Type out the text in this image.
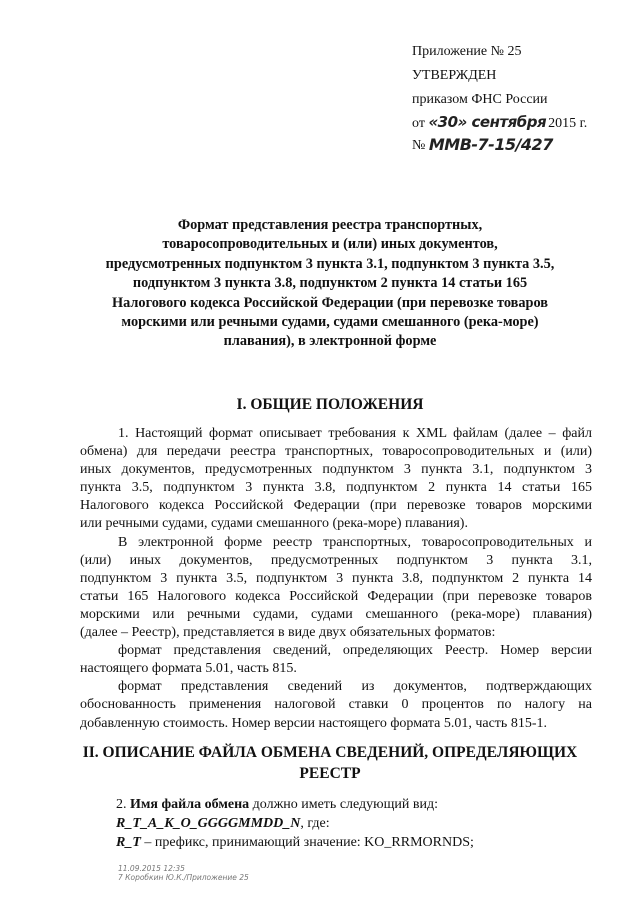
Приложение № 25
УТВЕРЖДЕН
приказом ФНС России
от «30» сентября 2015 г.
№ ММВ-7-15/427
Формат представления реестра транспортных,
товаросопроводительных и (или) иных документов,
предусмотренных подпунктом 3 пункта 3.1, подпунктом 3 пункта 3.5,
подпунктом 3 пункта 3.8, подпунктом 2 пункта 14 статьи 165
Налогового кодекса Российской Федерации (при перевозке товаров
морскими или речными судами, судами смешанного (река-море)
плавания), в электронной форме
I. ОБЩИЕ ПОЛОЖЕНИЯ
1. Настоящий формат описывает требования к XML файлам (далее – файл
обмена) для передачи реестра транспортных, товаросопроводительных и (или)
иных документов, предусмотренных подпунктом 3 пункта 3.1, подпунктом 3
пункта 3.5, подпунктом 3 пункта 3.8, подпунктом 2 пункта 14 статьи 165
Налогового кодекса Российской Федерации (при перевозке товаров морскими
или речными судами, судами смешанного (река-море) плавания).
В электронной форме реестр транспортных, товаросопроводительных и
(или) иных документов, предусмотренных подпунктом 3 пункта 3.1,
подпунктом 3 пункта 3.5, подпунктом 3 пункта 3.8, подпунктом 2 пункта 14
статьи 165 Налогового кодекса Российской Федерации (при перевозке товаров
морскими или речными судами, судами смешанного (река-море) плавания)
(далее – Реестр), представляется в виде двух обязательных форматов:
формат представления сведений, определяющих Реестр. Номер версии
настоящего формата 5.01, часть 815.
формат представления сведений из документов, подтверждающих
обоснованность применения налоговой ставки 0 процентов по налогу на
добавленную стоимость. Номер версии настоящего формата 5.01, часть 815-1.
II. ОПИСАНИЕ ФАЙЛА ОБМЕНА СВЕДЕНИЙ, ОПРЕДЕЛЯЮЩИХ
РЕЕСТР
2. Имя файла обмена должно иметь следующий вид:
R_T_A_K_O_GGGGMMDD_N, где:
R_T – префикс, принимающий значение: KO_RRMORNDS;
11.09.2015 12:35
7 Коробкин Ю.К./Приложение 25
